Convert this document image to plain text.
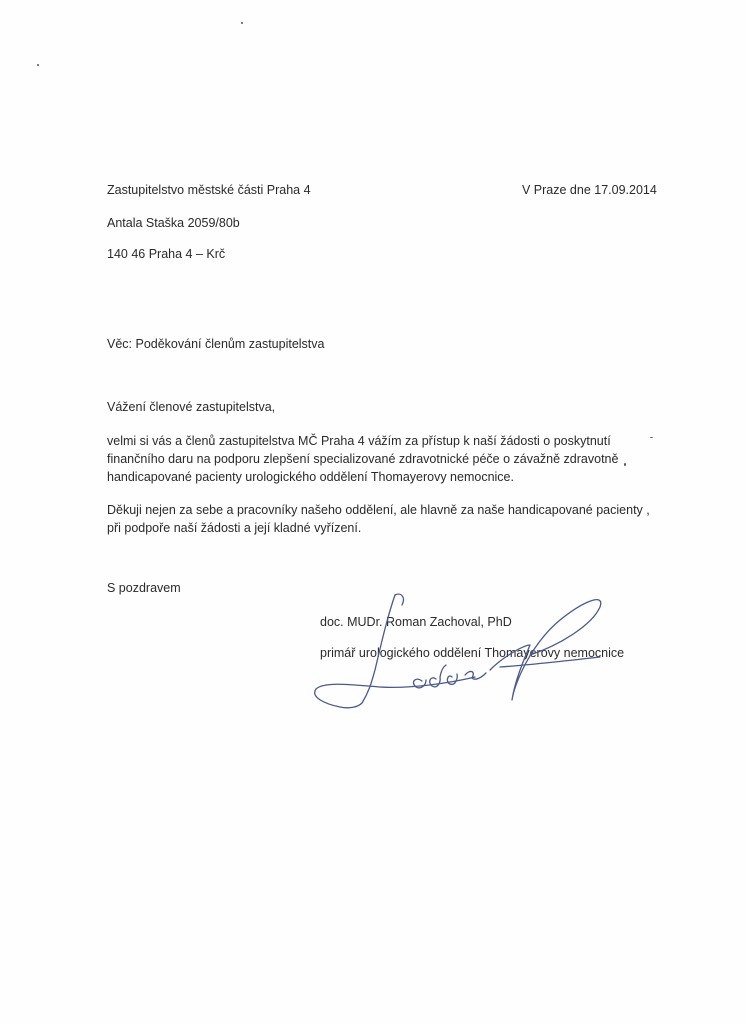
Zastupitelstvo městské části Praha 4	V Praze dne 17.09.2014
Antala Staška 2059/80b
140 46 Praha 4 – Krč
Věc: Poděkování členům zastupitelstva
Vážení členové zastupitelstva,
velmi si vás a členů zastupitelstva MČ Praha 4 vážím za přístup k naší žádosti o poskytnutí
finančního daru na podporu zlepšení specializované zdravotnické péče o závažně zdravotně
handicapované pacienty urologického oddělení Thomayerovy nemocnice.
Děkuji nejen za sebe a pracovníky našeho oddělení, ale hlavně za naše handicapované pacienty ,
při podpoře naší žádosti a její kladné vyřízení.
S pozdravem
doc. MUDr. Roman Zachoval, PhD
primář urologického oddělení Thomayerovy nemocnice
